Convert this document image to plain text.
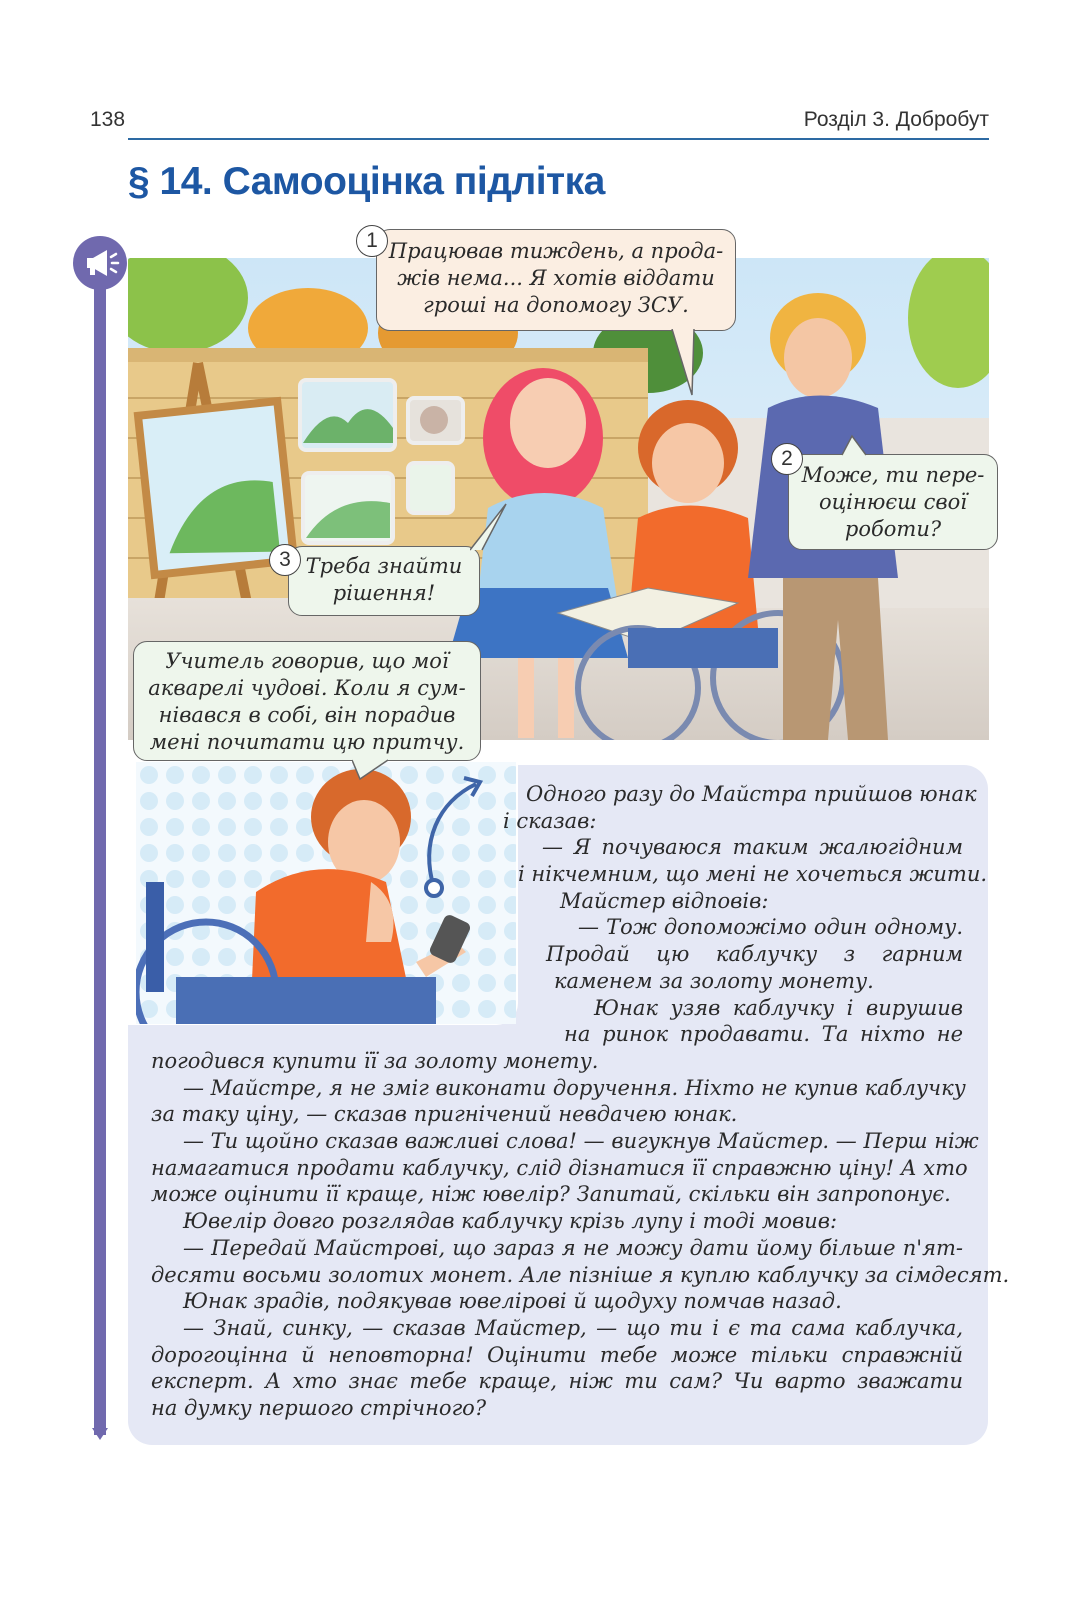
138	Розділ 3. Добробут
§ 14. Самооцінка підлітка
Працював тиждень, а прода-
жів нема... Я хотів віддати
гроші на допомогу ЗСУ.
1
Може, ти пере-
оцінюєш свої
роботи?
2
Треба знайти
рішення!
3
Учитель говорив, що мої
акварелі чудові. Коли я сум-
нівався в собі, він порадив
мені почитати цю притчу.
Одного разу до Майстра прийшов юнак
і сказав:
— Я почуваюся таким жалюгідним
і нікчемним, що мені не хочеться жити.
Майстер відповів:
— Тож допоможімо один одному.
Продай цю каблучку з гарним
каменем за золоту монету.
Юнак узяв каблучку і вирушив
на ринок продавати. Та ніхто не
погодився купити її за золоту монету.
— Майстре, я не зміг виконати доручення. Ніхто не купив каблучку
за таку ціну, — сказав пригнічений невдачею юнак.
— Ти щойно сказав важливі слова! — вигукнув Майстер. — Перш ніж
намагатися продати каблучку, слід дізнатися її справжню ціну! А хто
може оцінити її краще, ніж ювелір? Запитай, скільки він запропонує.
Ювелір довго розглядав каблучку крізь лупу і тоді мовив:
— Передай Майстрові, що зараз я не можу дати йому більше п'ят-
десяти восьми золотих монет. Але пізніше я куплю каблучку за сімдесят.
Юнак зрадів, подякував ювелірові й щодуху помчав назад.
— Знай, синку, — сказав Майстер, — що ти і є та сама каблучка,
дорогоцінна й неповторна! Оцінити тебе може тільки справжній
експерт. А хто знає тебе краще, ніж ти сам? Чи варто зважати
на думку першого стрічного?
